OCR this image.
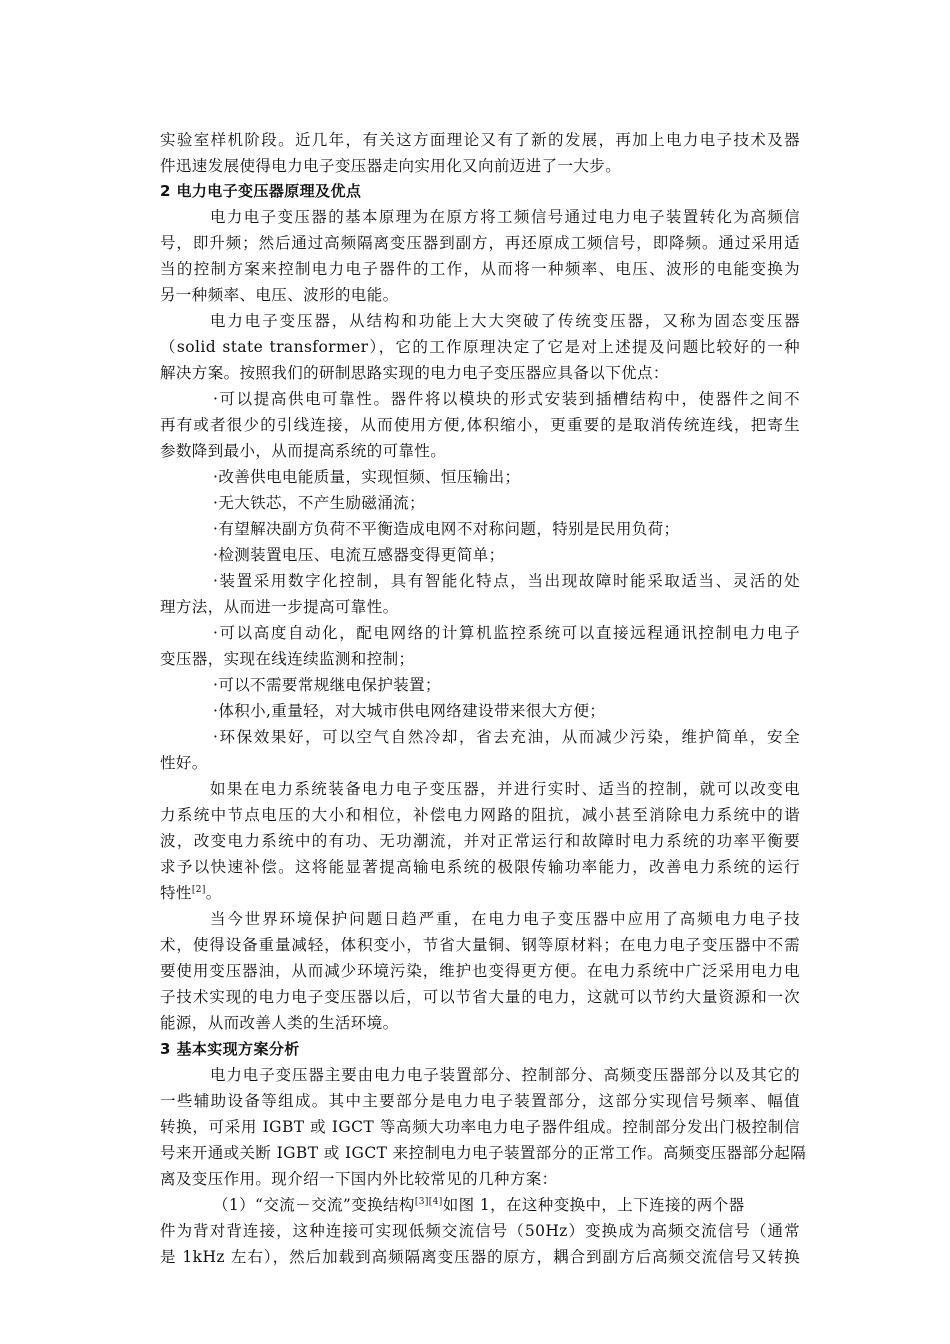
实验室样机阶段。近几年，有关这方面理论又有了新的发展，再加上电力电子技术及器
件迅速发展使得电力电子变压器走向实用化又向前迈进了一大步。
2 电力电子变压器原理及优点
电力电子变压器的基本原理为在原方将工频信号通过电力电子装置转化为高频信
号，即升频；然后通过高频隔离变压器到副方，再还原成工频信号，即降频。通过采用适
当的控制方案来控制电力电子器件的工作，从而将一种频率、电压、波形的电能变换为
另一种频率、电压、波形的电能。
电力电子变压器，从结构和功能上大大突破了传统变压器，又称为固态变压器
（solid state transformer），它的工作原理决定了它是对上述提及问题比较好的一种
解决方案。按照我们的研制思路实现的电力电子变压器应具备以下优点：
·可以提高供电可靠性。器件将以模块的形式安装到插槽结构中，使器件之间不
再有或者很少的引线连接，从而使用方便,体积缩小，更重要的是取消传统连线，把寄生
参数降到最小，从而提高系统的可靠性。
·改善供电电能质量，实现恒频、恒压输出；
·无大铁芯，不产生励磁涌流；
·有望解决副方负荷不平衡造成电网不对称问题，特别是民用负荷；
·检测装置电压、电流互感器变得更简单；
·装置采用数字化控制，具有智能化特点，当出现故障时能采取适当、灵活的处
理方法，从而进一步提高可靠性。
·可以高度自动化，配电网络的计算机监控系统可以直接远程通讯控制电力电子
变压器，实现在线连续监测和控制；
·可以不需要常规继电保护装置；
·体积小,重量轻，对大城市供电网络建设带来很大方便；
·环保效果好，可以空气自然冷却，省去充油，从而减少污染，维护简单，安全
性好。
如果在电力系统装备电力电子变压器，并进行实时、适当的控制，就可以改变电
力系统中节点电压的大小和相位，补偿电力网路的阻抗，减小甚至消除电力系统中的谐
波，改变电力系统中的有功、无功潮流，并对正常运行和故障时电力系统的功率平衡要
求予以快速补偿。这将能显著提高输电系统的极限传输功率能力，改善电力系统的运行
特性[2]。
当今世界环境保护问题日趋严重，在电力电子变压器中应用了高频电力电子技
术，使得设备重量减轻，体积变小，节省大量铜、钢等原材料；在电力电子变压器中不需
要使用变压器油，从而减少环境污染，维护也变得更方便。在电力系统中广泛采用电力电
子技术实现的电力电子变压器以后，可以节省大量的电力，这就可以节约大量资源和一次
能源，从而改善人类的生活环境。
3 基本实现方案分析
电力电子变压器主要由电力电子装置部分、控制部分、高频变压器部分以及其它的
一些辅助设备等组成。其中主要部分是电力电子装置部分，这部分实现信号频率、幅值
转换，可采用 IGBT 或 IGCT 等高频大功率电力电子器件组成。控制部分发出门极控制信
号来开通或关断 IGBT 或 IGCT 来控制电力电子装置部分的正常工作。高频变压器部分起隔
离及变压作用。现介绍一下国内外比较常见的几种方案：
（1）“交流－交流”变换结构[3][4]如图 1，在这种变换中，上下连接的两个器
件为背对背连接，这种连接可实现低频交流信号（50Hz）变换成为高频交流信号（通常
是 1kHz 左右），然后加载到高频隔离变压器的原方，耦合到副方后高频交流信号又转换
